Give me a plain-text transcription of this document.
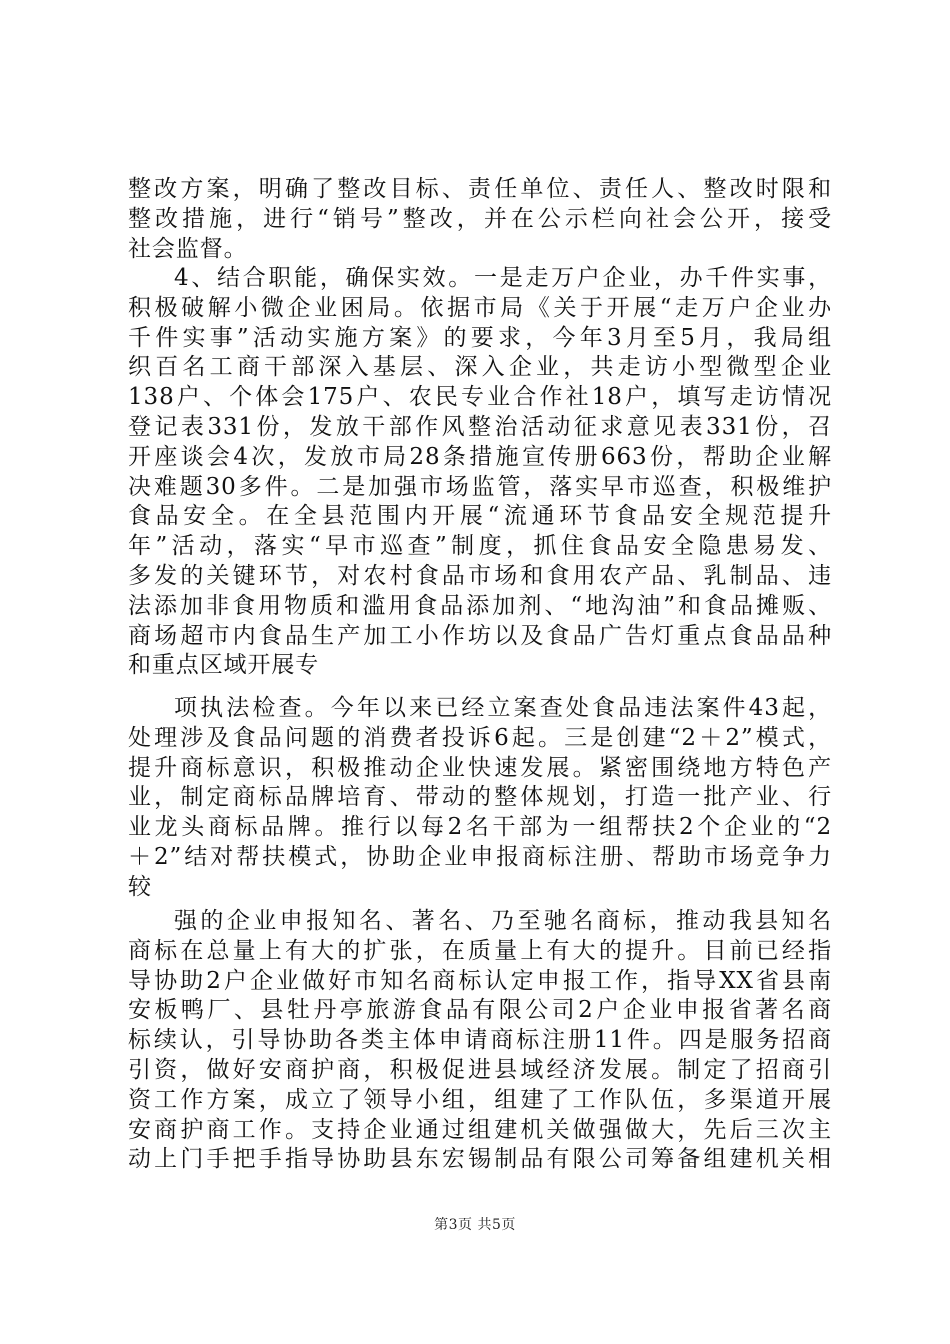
整改方案，明确了整改目标、责任单位、责任人、整改时限和
整改措施，进行“销号”整改，并在公示栏向社会公开，接受
社会监督。
4、结合职能，确保实效。一是走万户企业，办千件实事，
积极破解小微企业困局。依据市局《关于开展“走万户企业办
千件实事”活动实施方案》的要求，今年3月至5月，我局组
织百名工商干部深入基层、深入企业，共走访小型微型企业
138户、个体会175户、农民专业合作社18户，填写走访情况
登记表331份，发放干部作风整治活动征求意见表331份，召
开座谈会4次，发放市局28条措施宣传册663份，帮助企业解
决难题30多件。二是加强市场监管，落实早市巡查，积极维护
食品安全。在全县范围内开展“流通环节食品安全规范提升
年”活动，落实“早市巡查”制度，抓住食品安全隐患易发、
多发的关键环节，对农村食品市场和食用农产品、乳制品、违
法添加非食用物质和滥用食品添加剂、“地沟油”和食品摊贩、
商场超市内食品生产加工小作坊以及食品广告灯重点食品品种
和重点区域开展专
项执法检查。今年以来已经立案查处食品违法案件43起，
处理涉及食品问题的消费者投诉6起。三是创建“2＋2”模式，
提升商标意识，积极推动企业快速发展。紧密围绕地方特色产
业，制定商标品牌培育、带动的整体规划，打造一批产业、行
业龙头商标品牌。推行以每2名干部为一组帮扶2个企业的“2
＋2”结对帮扶模式，协助企业申报商标注册、帮助市场竞争力
较
强的企业申报知名、著名、乃至驰名商标，推动我县知名
商标在总量上有大的扩张，在质量上有大的提升。目前已经指
导协助2户企业做好市知名商标认定申报工作，指导XX省县南
安板鸭厂、县牡丹亭旅游食品有限公司2户企业申报省著名商
标续认，引导协助各类主体申请商标注册11件。四是服务招商
引资，做好安商护商，积极促进县域经济发展。制定了招商引
资工作方案，成立了领导小组，组建了工作队伍，多渠道开展
安商护商工作。支持企业通过组建机关做强做大，先后三次主
动上门手把手指导协助县东宏锡制品有限公司筹备组建机关相
第3页 共5页
